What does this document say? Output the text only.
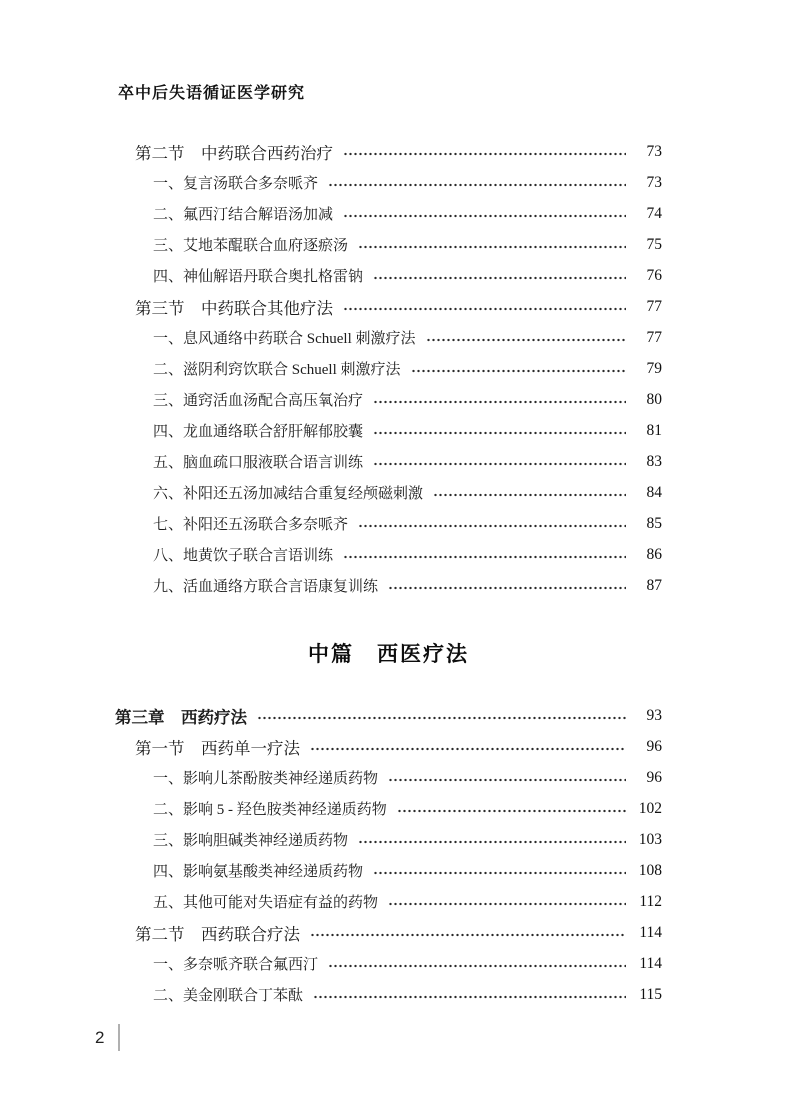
卒中后失语循证医学研究
第二节　中药联合西药治疗	73
一、复言汤联合多奈哌齐	73
二、氟西汀结合解语汤加减	74
三、艾地苯醌联合血府逐瘀汤	75
四、神仙解语丹联合奥扎格雷钠	76
第三节　中药联合其他疗法	77
一、息风通络中药联合 Schuell 刺激疗法	77
二、滋阴利窍饮联合 Schuell 刺激疗法	79
三、通窍活血汤配合高压氧治疗	80
四、龙血通络联合舒肝解郁胶囊	81
五、脑血疏口服液联合语言训练	83
六、补阳还五汤加减结合重复经颅磁刺激	84
七、补阳还五汤联合多奈哌齐	85
八、地黄饮子联合言语训练	86
九、活血通络方联合言语康复训练	87
中篇　西医疗法
第三章　西药疗法	93
第一节　西药单一疗法	96
一、影响儿茶酚胺类神经递质药物	96
二、影响 5 - 羟色胺类神经递质药物	102
三、影响胆碱类神经递质药物	103
四、影响氨基酸类神经递质药物	108
五、其他可能对失语症有益的药物	112
第二节　西药联合疗法	114
一、多奈哌齐联合氟西汀	114
二、美金刚联合丁苯酞	115
2
